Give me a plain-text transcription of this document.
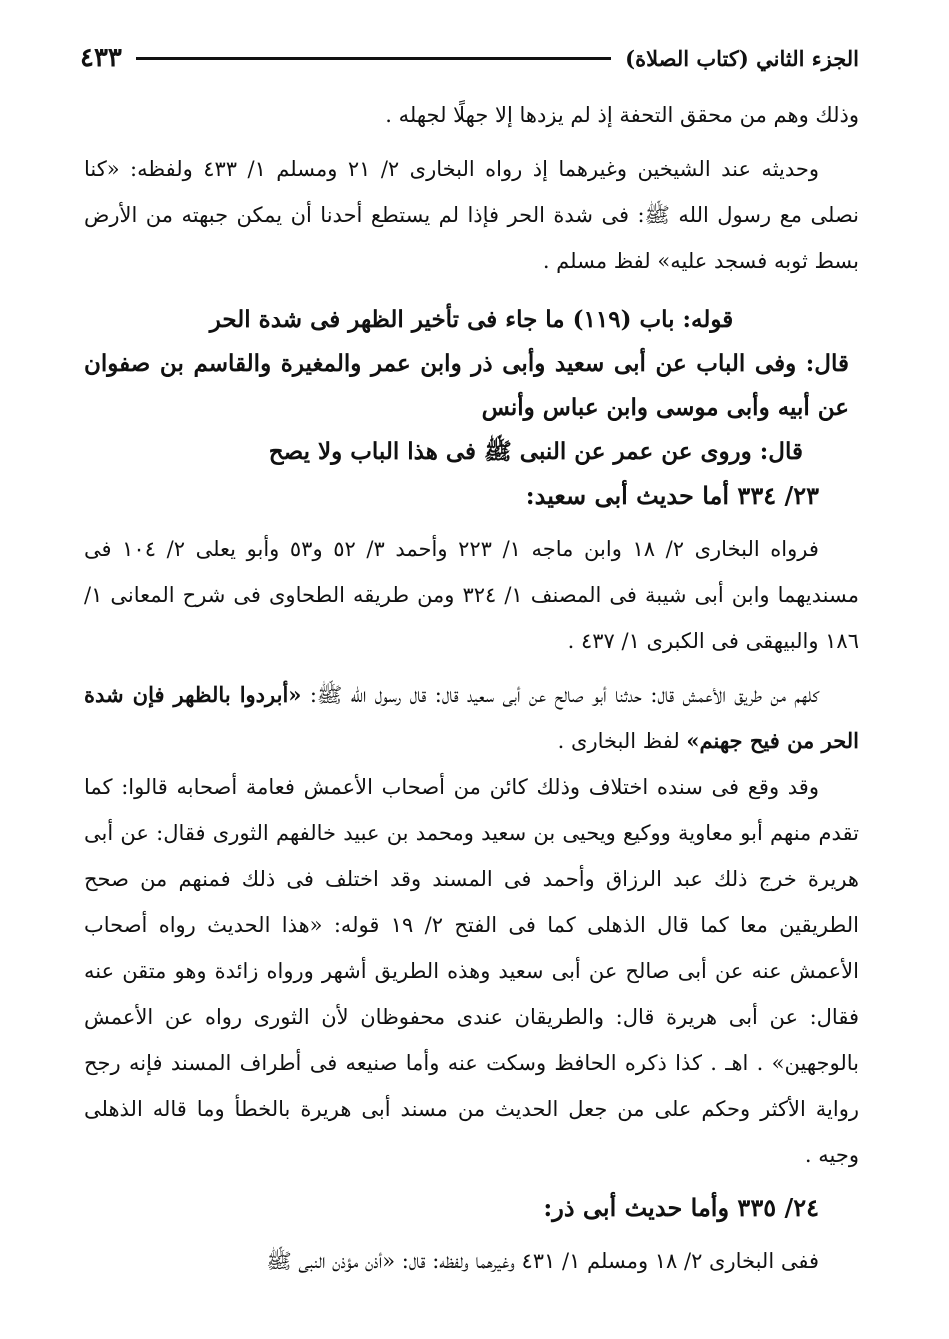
الجزء الثاني (كتاب الصلاة)
٤٣٣

وذلك وهم من محقق التحفة إذ لم يزدها إلا جهلًا لجهله .

وحديثه عند الشيخين وغيرهما إذ رواه البخارى ٢/ ٢١ ومسلم ١/ ٤٣٣ ولفظه: «كنا نصلى مع رسول الله ﷺ: فى شدة الحر فإذا لم يستطع أحدنا أن يمكن جبهته من الأرض بسط ثوبه فسجد عليه» لفظ مسلم .

قوله: باب (١١٩) ما جاء فى تأخير الظهر فى شدة الحر

قال: وفى الباب عن أبى سعيد وأبى ذر وابن عمر والمغيرة والقاسم بن صفوان عن أبيه وأبى موسى وابن عباس وأنس

قال: وروى عن عمر عن النبى ﷺ فى هذا الباب ولا يصح

٢٣/ ٣٣٤ أما حديث أبى سعيد:

فرواه البخارى ٢/ ١٨ وابن ماجه ١/ ٢٢٣ وأحمد ٣/ ٥٢ و٥٣ وأبو يعلى ٢/ ١٠٤ فى مسنديهما وابن أبى شيبة فى المصنف ١/ ٣٢٤ ومن طريقه الطحاوى فى شرح المعانى ١/ ١٨٦ والبيهقى فى الكبرى ١/ ٤٣٧ .

كلهم من طريق الأعمش قال: حدثنا أبو صالح عن أبى سعيد قال: قال رسول الله ﷺ: «أبردوا بالظهر فإن شدة الحر من فيح جهنم» لفظ البخارى .

وقد وقع فى سنده اختلاف وذلك كائن من أصحاب الأعمش فعامة أصحابه قالوا: كما تقدم منهم أبو معاوية ووكيع ويحيى بن سعيد ومحمد بن عبيد خالفهم الثورى فقال: عن أبى هريرة خرج ذلك عبد الرزاق وأحمد فى المسند وقد اختلف فى ذلك فمنهم من صحح الطريقين معا كما قال الذهلى كما فى الفتح ٢/ ١٩ قوله: «هذا الحديث رواه أصحاب الأعمش عنه عن أبى صالح عن أبى سعيد وهذه الطريق أشهر ورواه زائدة وهو متقن عنه فقال: عن أبى هريرة قال: والطريقان عندى محفوظان لأن الثورى رواه عن الأعمش بالوجهين» . اهـ . كذا ذكره الحافظ وسكت عنه وأما صنيعه فى أطراف المسند فإنه رجح رواية الأكثر وحكم على من جعل الحديث من مسند أبى هريرة بالخطأ وما قاله الذهلى وجيه .

٢٤/ ٣٣٥ وأما حديث أبى ذر:

ففى البخارى ٢/ ١٨ ومسلم ١/ ٤٣١ وغيرهما ولفظه: قال: «أذن مؤذن النبى ﷺ
